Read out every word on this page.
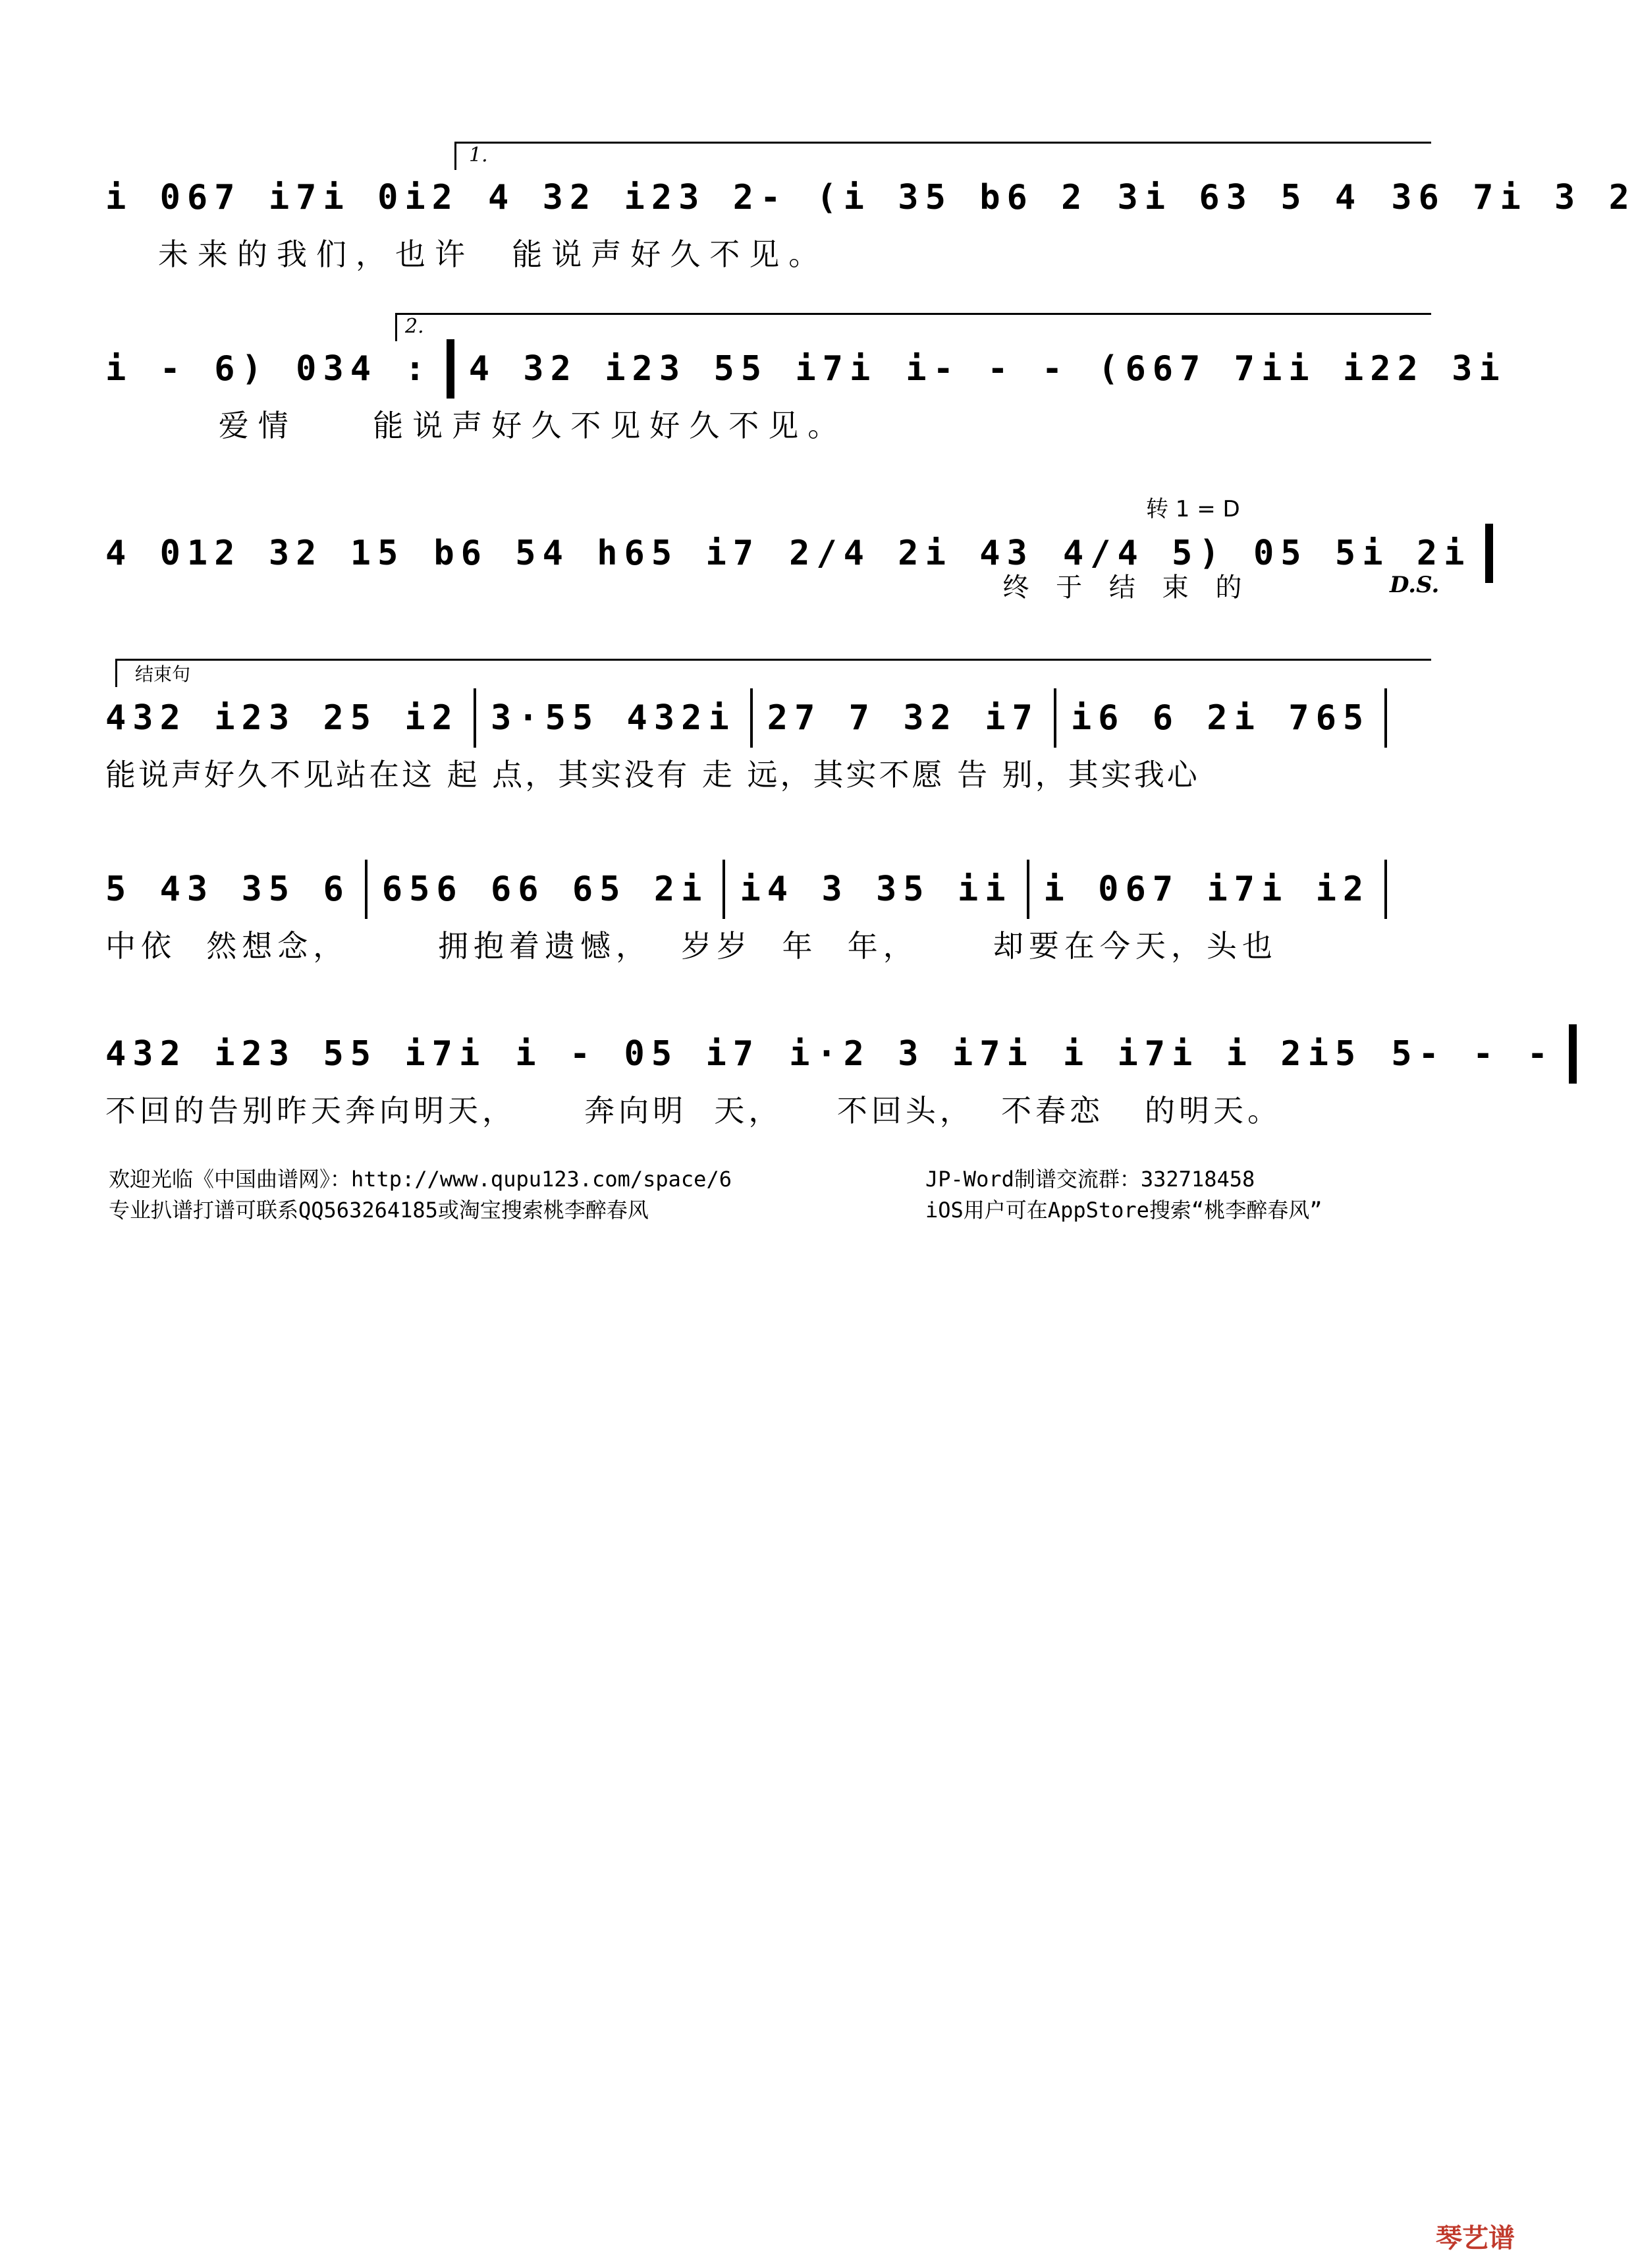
1.
i 067 i7i 0i2 4 32 i23 2- (i 35 b6 2 3i 63 5 4 36 7i 3 2
未来的我们，也许  能说声好久不见。
2.
i - 6) 034 : 4 32 i23 55 i7i i- - - (667 7ii i22 3i
爱情    能说声好久不见好久不见。
转 1 = D
4 012 32 15 b6 54 h65 i7 2/4 2i 43 4/4 5) 05 5i 2i
终 于 结 束 的	D.S.
结束句
432 i23 25 i2 3·55 432i 27 7 32 i7 i6 6 2i 765
能说声好久不见站在这 起 点，其实没有 走 远，其实不愿 告 别，其实我心
5 43 35 6 656 66 65 2i i4 3 35 ii i 067 i7i i2
中依  然想念，      拥抱着遗憾，  岁岁  年  年，     却要在今天，头也
432 i23 55 i7i i - 05 i7 i·2 3 i7i i i7i i 2i5 5- - -
不回的告别昨天奔向明天，     奔向明  天，    不回头，  不春恋   的明天。
欢迎光临《中国曲谱网》：http://www.qupu123.com/space/6	JP-Word制谱交流群：332718458
专业扒谱打谱可联系QQ563264185或淘宝搜索桃李醉春风	iOS用户可在AppStore搜索“桃李醉春风”
琴艺谱
